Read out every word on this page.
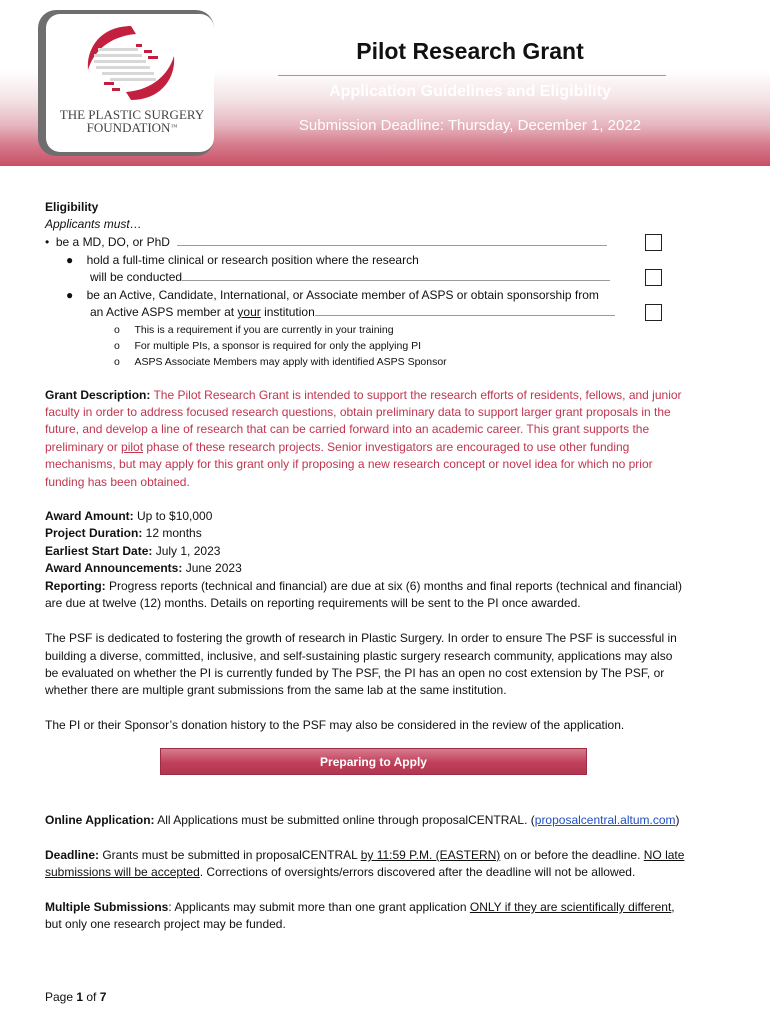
THE PLASTIC SURGERY
FOUNDATION™
Pilot Research Grant
Application Guidelines and Eligibility
Submission Deadline: Thursday, December 1, 2022
Eligibility
Applicants must…
•  be a MD, DO, or PhD
●    hold a full-time clinical or research position where the research
will be conducted
●    be an Active, Candidate, International, or Associate member of ASPS or obtain sponsorship from
an Active ASPS member at your institution
o     This is a requirement if you are currently in your training
o     For multiple PIs, a sponsor is required for only the applying PI
o     ASPS Associate Members may apply with identified ASPS Sponsor
Grant Description: The Pilot Research Grant is intended to support the research efforts of residents, fellows, and junior
faculty in order to address focused research questions, obtain preliminary data to support larger grant proposals in the
future, and develop a line of research that can be carried forward into an academic career. This grant supports the
preliminary or pilot phase of these research projects. Senior investigators are encouraged to use other funding
mechanisms, but may apply for this grant only if proposing a new research concept or novel idea for which no prior
funding has been obtained.
Award Amount: Up to $10,000
Project Duration: 12 months
Earliest Start Date: July 1, 2023
Award Announcements: June 2023
Reporting: Progress reports (technical and financial) are due at six (6) months and final reports (technical and financial)
are due at twelve (12) months. Details on reporting requirements will be sent to the PI once awarded.
The PSF is dedicated to fostering the growth of research in Plastic Surgery. In order to ensure The PSF is successful in
building a diverse, committed, inclusive, and self-sustaining plastic surgery research community, applications may also
be evaluated on whether the PI is currently funded by The PSF, the PI has an open no cost extension by The PSF, or
whether there are multiple grant submissions from the same lab at the same institution.
The PI or their Sponsor’s donation history to the PSF may also be considered in the review of the application.
Preparing to Apply
Online Application: All Applications must be submitted online through proposalCENTRAL. (proposalcentral.altum.com)
Deadline: Grants must be submitted in proposalCENTRAL by 11:59 P.M. (EASTERN) on or before the deadline. NO late
submissions will be accepted. Corrections of oversights/errors discovered after the deadline will not be allowed.
Multiple Submissions: Applicants may submit more than one grant application ONLY if they are scientifically different,
but only one research project may be funded.
Page 1 of 7
